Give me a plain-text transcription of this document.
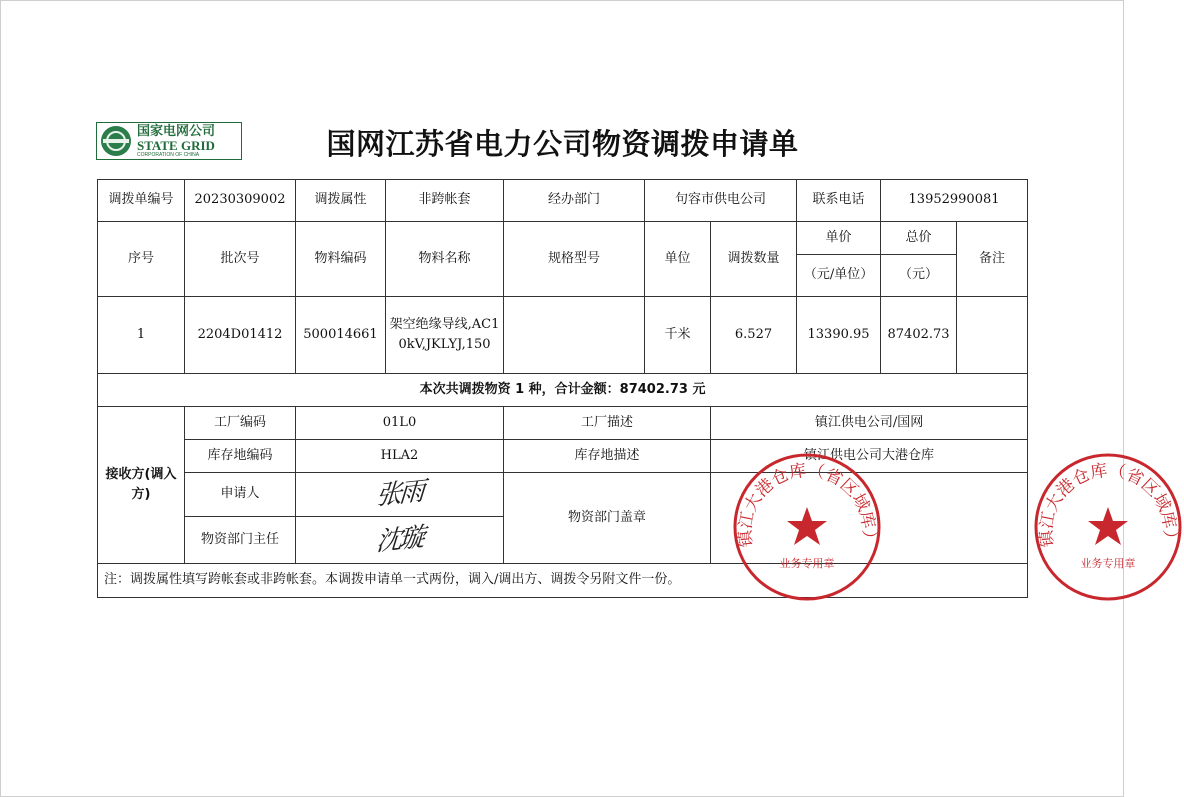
国家电网公司
STATE GRID
CORPORATION OF CHINA	国网江苏省电力公司物资调拨申请单
调拨单编号	20230309002	调拨属性	非跨帐套	经办部门	句容市供电公司		联系电话	13952990081	
序号	批次号	物料编码	物料名称	规格型号	单位	调拨数量	单价	总价	备注
							（元/单位）	（元）	
1	2204D01412	500014661	架空绝缘导线,AC10kV,JKLYJ,150		千米	6.527	13390.95	87402.73	
本次共调拨物资 1 种，合计金额：87402.73 元									
接收方(调入方)	工厂编码	01L0		工厂描述		镇江供电公司/国网			
	库存地编码	HLA2		库存地描述		镇江供电公司大港仓库			
	申请人	张雨		物资部门盖章					
	物资部门主任	沈璇							
注：调拨属性填写跨帐套或非跨帐套。本调拨申请单一式两份，调入/调出方、调拨令另附文件一份。									
镇江大港仓库（省区域库）
业务专用章
镇江大港仓库（省区域库）
业务专用章
